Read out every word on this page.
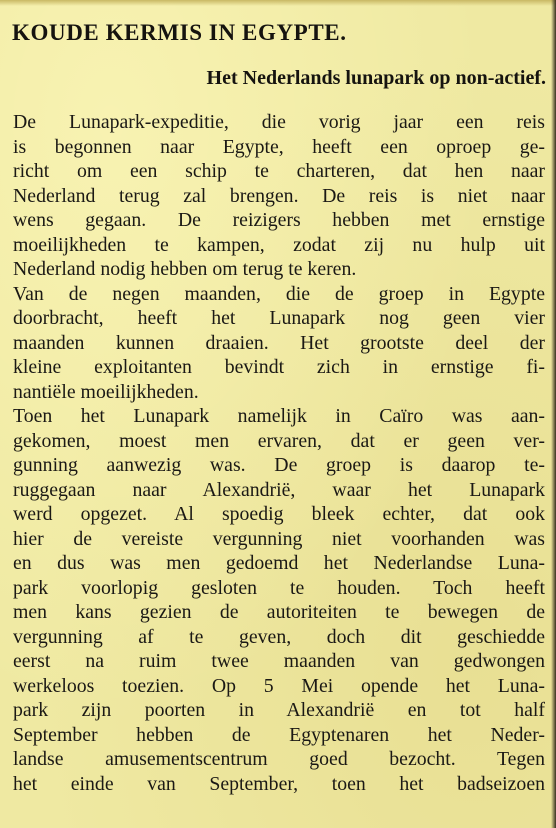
KOUDE KERMIS IN EGYPTE.
Het Nederlands lunapark op non-actief.
De Lunapark-expeditie, die vorig jaar een reis
is begonnen naar Egypte, heeft een oproep ge-
richt om een schip te charteren, dat hen naar
Nederland terug zal brengen. De reis is niet naar
wens gegaan. De reizigers hebben met ernstige
moeilijkheden te kampen, zodat zij nu hulp uit
Nederland nodig hebben om terug te keren.
Van de negen maanden, die de groep in Egypte
doorbracht, heeft het Lunapark nog geen vier
maanden kunnen draaien. Het grootste deel der
kleine exploitanten bevindt zich in ernstige fi-
nantiële moeilijkheden.
Toen het Lunapark namelijk in Caïro was aan-
gekomen, moest men ervaren, dat er geen ver-
gunning aanwezig was. De groep is daarop te-
ruggegaan naar Alexandrië, waar het Lunapark
werd opgezet. Al spoedig bleek echter, dat ook
hier de vereiste vergunning niet voorhanden was
en dus was men gedoemd het Nederlandse Luna-
park voorlopig gesloten te houden. Toch heeft
men kans gezien de autoriteiten te bewegen de
vergunning af te geven, doch dit geschiedde
eerst na ruim twee maanden van gedwongen
werkeloos toezien. Op 5 Mei opende het Luna-
park zijn poorten in Alexandrië en tot half
September hebben de Egyptenaren het Neder-
landse amusementscentrum goed bezocht. Tegen
het einde van September, toen het badseizoen
